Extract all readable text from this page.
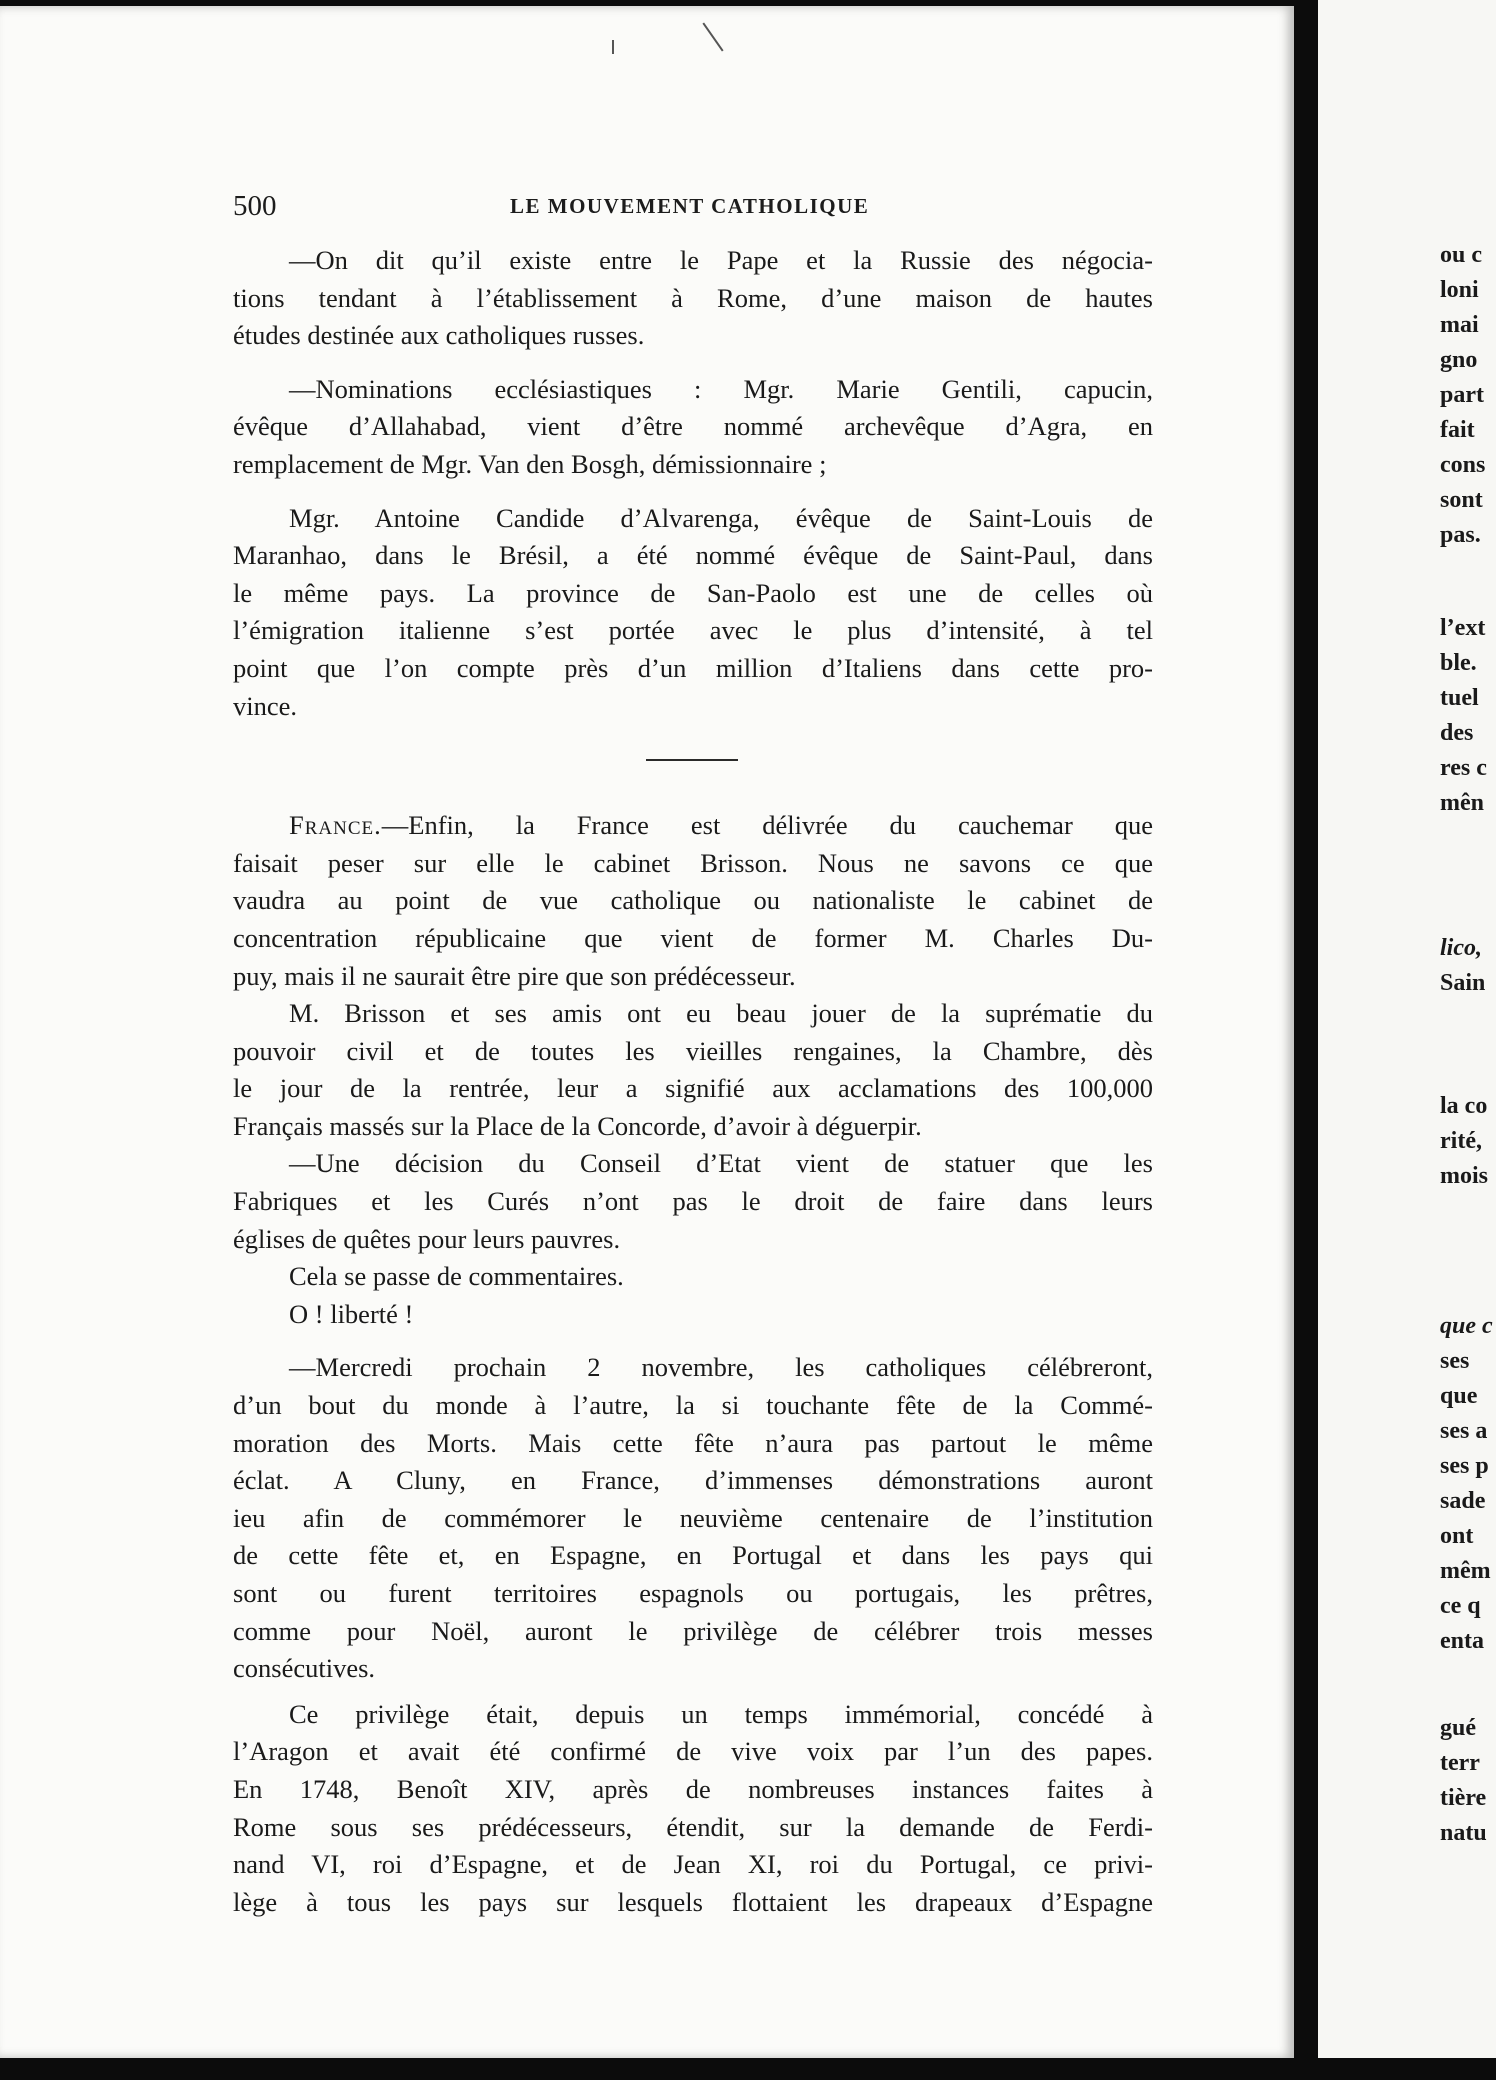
500	LE MOUVEMENT CATHOLIQUE
—On dit qu’il existe entre le Pape et la Russie des négocia-
tions tendant à l’établissement à Rome, d’une maison de hautes
études destinée aux catholiques russes.
—Nominations ecclésiastiques : Mgr. Marie Gentili, capucin,
évêque d’Allahabad, vient d’être nommé archevêque d’Agra, en
remplacement de Mgr. Van den Bosgh, démissionnaire ;
Mgr. Antoine Candide d’Alvarenga, évêque de Saint-Louis de
Maranhao, dans le Brésil, a été nommé évêque de Saint-Paul, dans
le même pays. La province de San-Paolo est une de celles où
l’émigration italienne s’est portée avec le plus d’intensité, à tel
point que l’on compte près d’un million d’Italiens dans cette pro-
vince.
France.—Enfin, la France est délivrée du cauchemar que
faisait peser sur elle le cabinet Brisson. Nous ne savons ce que
vaudra au point de vue catholique ou nationaliste le cabinet de
concentration républicaine que vient de former M. Charles Du-
puy, mais il ne saurait être pire que son prédécesseur.
M. Brisson et ses amis ont eu beau jouer de la suprématie du
pouvoir civil et de toutes les vieilles rengaines, la Chambre, dès
le jour de la rentrée, leur a signifié aux acclamations des 100,000
Français massés sur la Place de la Concorde, d’avoir à déguerpir.
—Une décision du Conseil d’Etat vient de statuer que les
Fabriques et les Curés n’ont pas le droit de faire dans leurs
églises de quêtes pour leurs pauvres.
Cela se passe de commentaires.
O ! liberté !
—Mercredi prochain 2 novembre, les catholiques célébreront,
d’un bout du monde à l’autre, la si touchante fête de la Commé-
moration des Morts. Mais cette fête n’aura pas partout le même
éclat. A Cluny, en France, d’immenses démonstrations auront
ieu afin de commémorer le neuvième centenaire de l’institution
de cette fête et, en Espagne, en Portugal et dans les pays qui
sont ou furent territoires espagnols ou portugais, les prêtres,
comme pour Noël, auront le privilège de célébrer trois messes
consécutives.
Ce privilège était, depuis un temps immémorial, concédé à
l’Aragon et avait été confirmé de vive voix par l’un des papes.
En 1748, Benoît XIV, après de nombreuses instances faites à
Rome sous ses prédécesseurs, étendit, sur la demande de Ferdi-
nand VI, roi d’Espagne, et de Jean XI, roi du Portugal, ce privi-
lège à tous les pays sur lesquels flottaient les drapeaux d’Espagne
ou c
loni
mai
gno
part
fait
cons
sont
pas.
l’ext
ble.
tuel
des
res c
mên
lico,
Sain
la co
rité,
mois
que c
ses
que
ses a
ses p
sade
ont
mêm
ce q
enta
gué
terr
tière
natu
